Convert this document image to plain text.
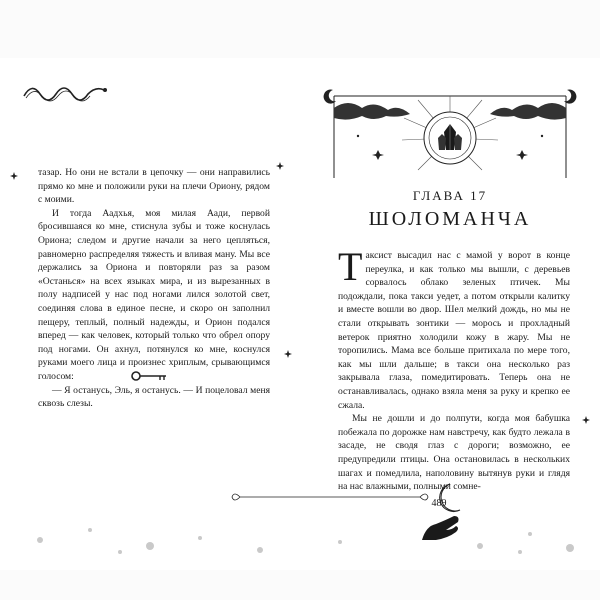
тазар. Но они не встали в цепочку — они направились прямо ко мне и положили руки на плечи Ориону, рядом с моими.

И тогда Аадхья, моя милая Аади, первой бросившаяся ко мне, стиснула зубы и тоже коснулась Ориона; следом и другие начали за него цепляться, равномерно распределяя тяжесть и вливая ману. Мы все держались за Ориона и повторяли раз за разом «Останься» на всех языках мира, и из вырезанных в полу надписей у нас под ногами лился золотой свет, соединяя слова в единое песне, и скоро он заполнил пещеру, теплый, полный надежды, и Орион подался вперед — как человек, который только что обрел опору под ногами. Он ахнул, потянулся ко мне, коснулся руками моего лица и произнес хриплым, срывающимся голосом:

— Я останусь, Эль, я останусь. — И поцеловал меня сквозь слезы.

Таксист высадил нас с мамой у ворот в конце переулка, и как только мы вышли, с деревьев сорвалось облако зеленых птичек. Мы подождали, пока такси уедет, а потом открыли калитку и вместе вошли во двор. Шел мелкий дождь, но мы не стали открывать зонтики — морось и прохладный ветерок приятно холодили кожу в жару. Мы не торопились. Мама все больше притихала по мере того, как мы шли дальше; в такси она несколько раз закрывала глаза, помедитировать. Теперь она не останавливалась, однако взяла меня за руку и крепко ее сжала.

Мы не дошли и до полпути, когда моя бабушка побежала по дорожке нам навстречу, как будто лежала в засаде, не сводя глаз с дороги; возможно, ее предупредили птицы. Она остановилась в нескольких шагах и помедлила, наполовину вытянув руки и глядя на нас влажными, полными сомне-

ГЛАВА 17
ШОЛОМАНЧА
489
